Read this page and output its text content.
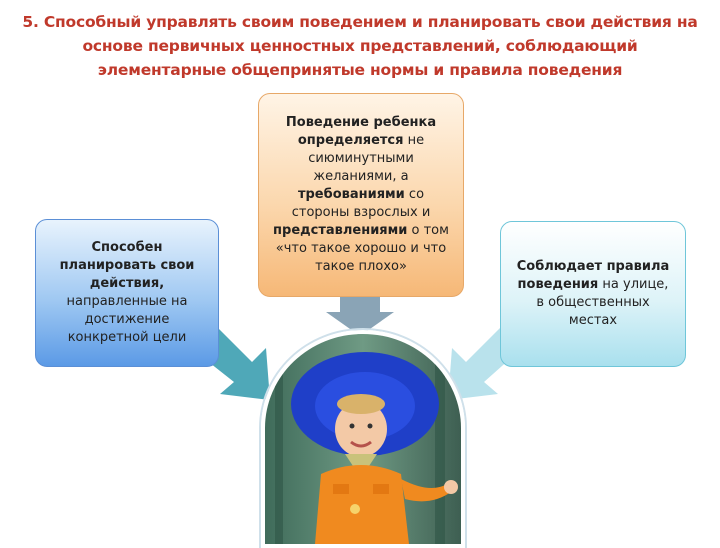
5. Способный управлять своим поведением и планировать свои действия на
основе первичных ценностных представлений, соблюдающий
элементарные общепринятые нормы и правила поведения
Способен планировать свои действия, направленные на достижение конкретной цели
Поведение ребенка определяется не сиюминутными желаниями, а требованиями со стороны взрослых и представлениями о том «что такое хорошо и что такое плохо»	Соблюдает правила поведения на улице, в общественных местах
